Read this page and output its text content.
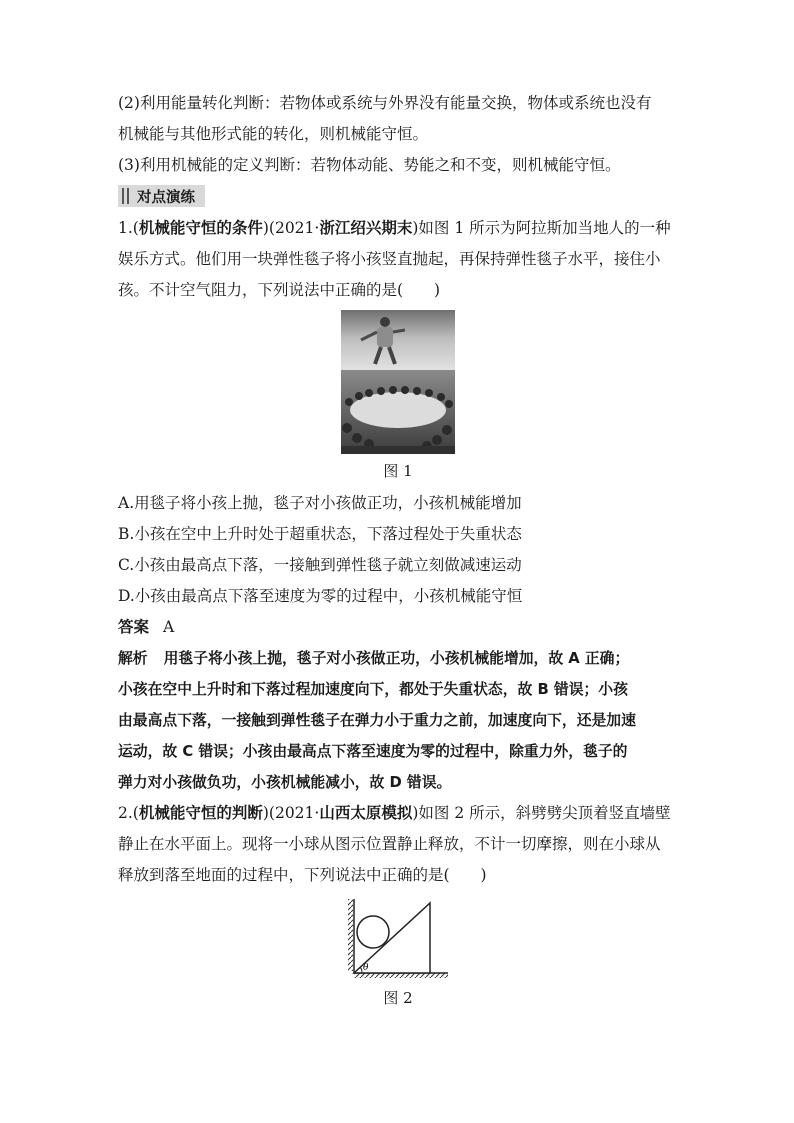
(2)利用能量转化判断：若物体或系统与外界没有能量交换，物体或系统也没有
机械能与其他形式能的转化，则机械能守恒。
(3)利用机械能的定义判断：若物体动能、势能之和不变，则机械能守恒。
对点演练
1.(机械能守恒的条件)(2021·浙江绍兴期末)如图 1 所示为阿拉斯加当地人的一种
娱乐方式。他们用一块弹性毯子将小孩竖直抛起，再保持弹性毯子水平，接住小
孩。不计空气阻力，下列说法中正确的是(　　)
图 1
A.用毯子将小孩上抛，毯子对小孩做正功，小孩机械能增加
B.小孩在空中上升时处于超重状态，下落过程处于失重状态
C.小孩由最高点下落，一接触到弹性毯子就立刻做减速运动
D.小孩由最高点下落至速度为零的过程中，小孩机械能守恒
答案 A
解析 用毯子将小孩上抛，毯子对小孩做正功，小孩机械能增加，故 A 正确；
小孩在空中上升时和下落过程加速度向下，都处于失重状态，故 B 错误；小孩
由最高点下落，一接触到弹性毯子在弹力小于重力之前，加速度向下，还是加速
运动，故 C 错误；小孩由最高点下落至速度为零的过程中，除重力外，毯子的
弹力对小孩做负功，小孩机械能减小，故 D 错误。
2.(机械能守恒的判断)(2021·山西太原模拟)如图 2 所示，斜劈劈尖顶着竖直墙壁
静止在水平面上。现将一小球从图示位置静止释放，不计一切摩擦，则在小球从
释放到落至地面的过程中，下列说法中正确的是(　　)
θ
图 2
